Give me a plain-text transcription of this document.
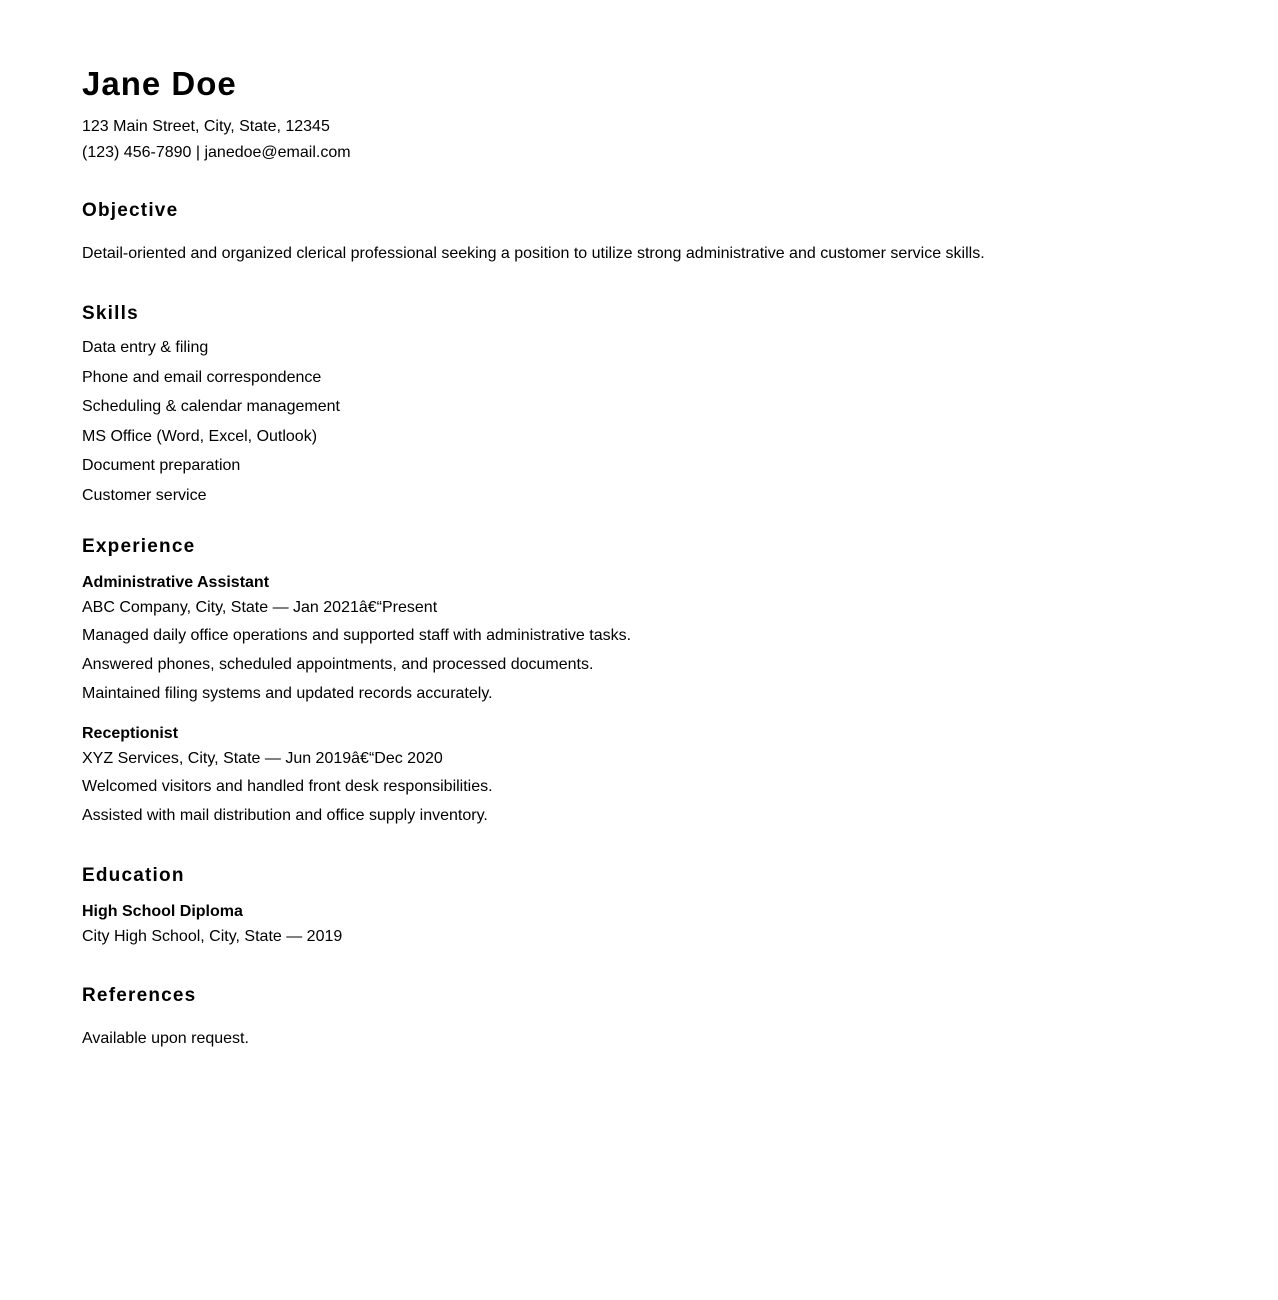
Jane Doe
123 Main Street, City, State, 12345
(123) 456-7890 | janedoe@email.com
Objective
Detail-oriented and organized clerical professional seeking a position to utilize strong administrative and customer service skills.
Skills
Data entry & filing
Phone and email correspondence
Scheduling & calendar management
MS Office (Word, Excel, Outlook)
Document preparation
Customer service
Experience
Administrative Assistant
ABC Company, City, State — Jan 2021â€“Present
Managed daily office operations and supported staff with administrative tasks.
Answered phones, scheduled appointments, and processed documents.
Maintained filing systems and updated records accurately.
Receptionist
XYZ Services, City, State — Jun 2019â€“Dec 2020
Welcomed visitors and handled front desk responsibilities.
Assisted with mail distribution and office supply inventory.
Education
High School Diploma
City High School, City, State — 2019
References
Available upon request.
